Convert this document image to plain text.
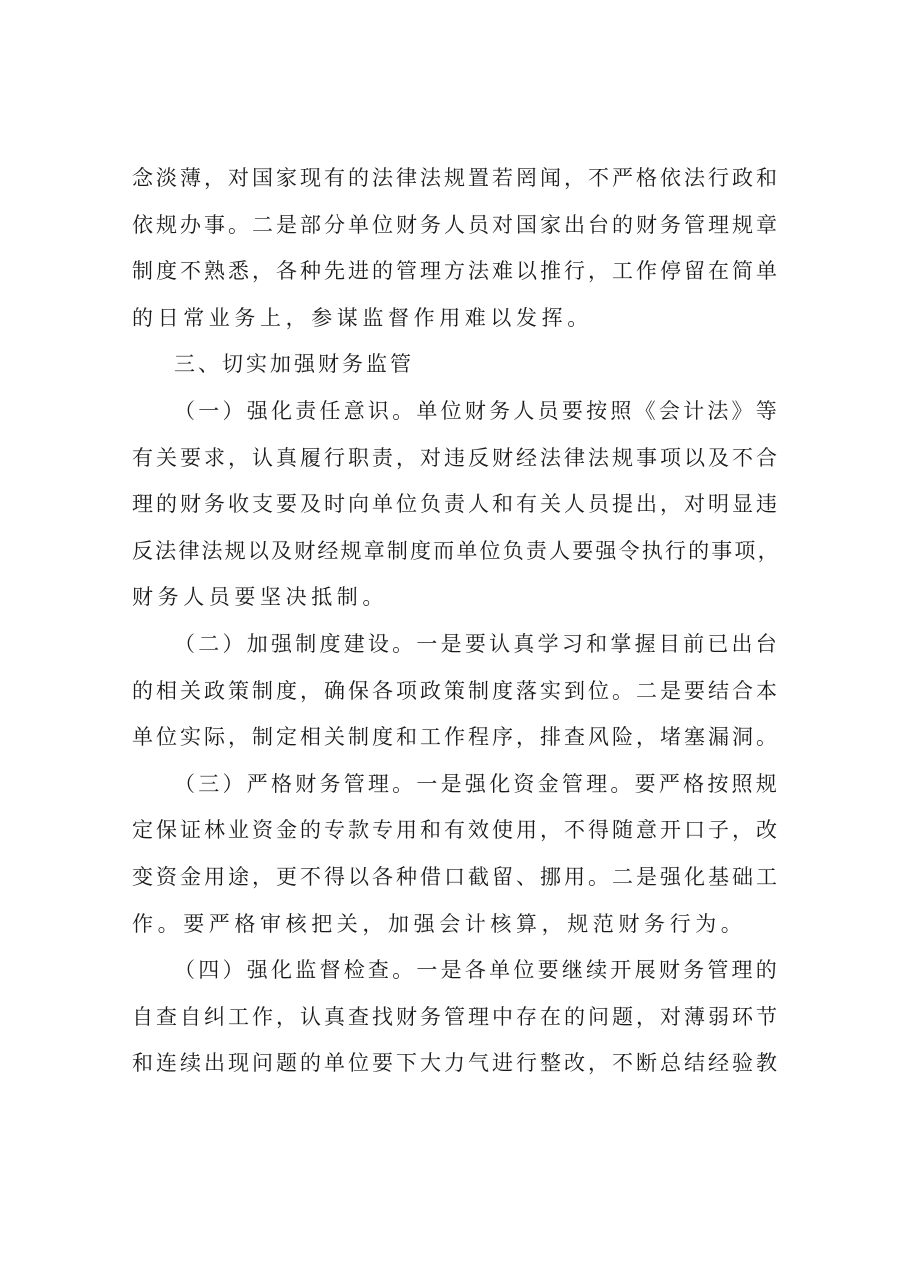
念淡薄，对国家现有的法律法规置若罔闻，不严格依法行政和
依规办事。二是部分单位财务人员对国家出台的财务管理规章
制度不熟悉，各种先进的管理方法难以推行，工作停留在简单
的日常业务上，参谋监督作用难以发挥。
三、切实加强财务监管
（一）强化责任意识。单位财务人员要按照《会计法》等
有关要求，认真履行职责，对违反财经法律法规事项以及不合
理的财务收支要及时向单位负责人和有关人员提出，对明显违
反法律法规以及财经规章制度而单位负责人要强令执行的事项，
财务人员要坚决抵制。
（二）加强制度建设。一是要认真学习和掌握目前已出台
的相关政策制度，确保各项政策制度落实到位。二是要结合本
单位实际，制定相关制度和工作程序，排查风险，堵塞漏洞。
（三）严格财务管理。一是强化资金管理。要严格按照规
定保证林业资金的专款专用和有效使用，不得随意开口子，改
变资金用途，更不得以各种借口截留、挪用。二是强化基础工
作。要严格审核把关，加强会计核算，规范财务行为。
（四）强化监督检查。一是各单位要继续开展财务管理的
自查自纠工作，认真查找财务管理中存在的问题，对薄弱环节
和连续出现问题的单位要下大力气进行整改，不断总结经验教
